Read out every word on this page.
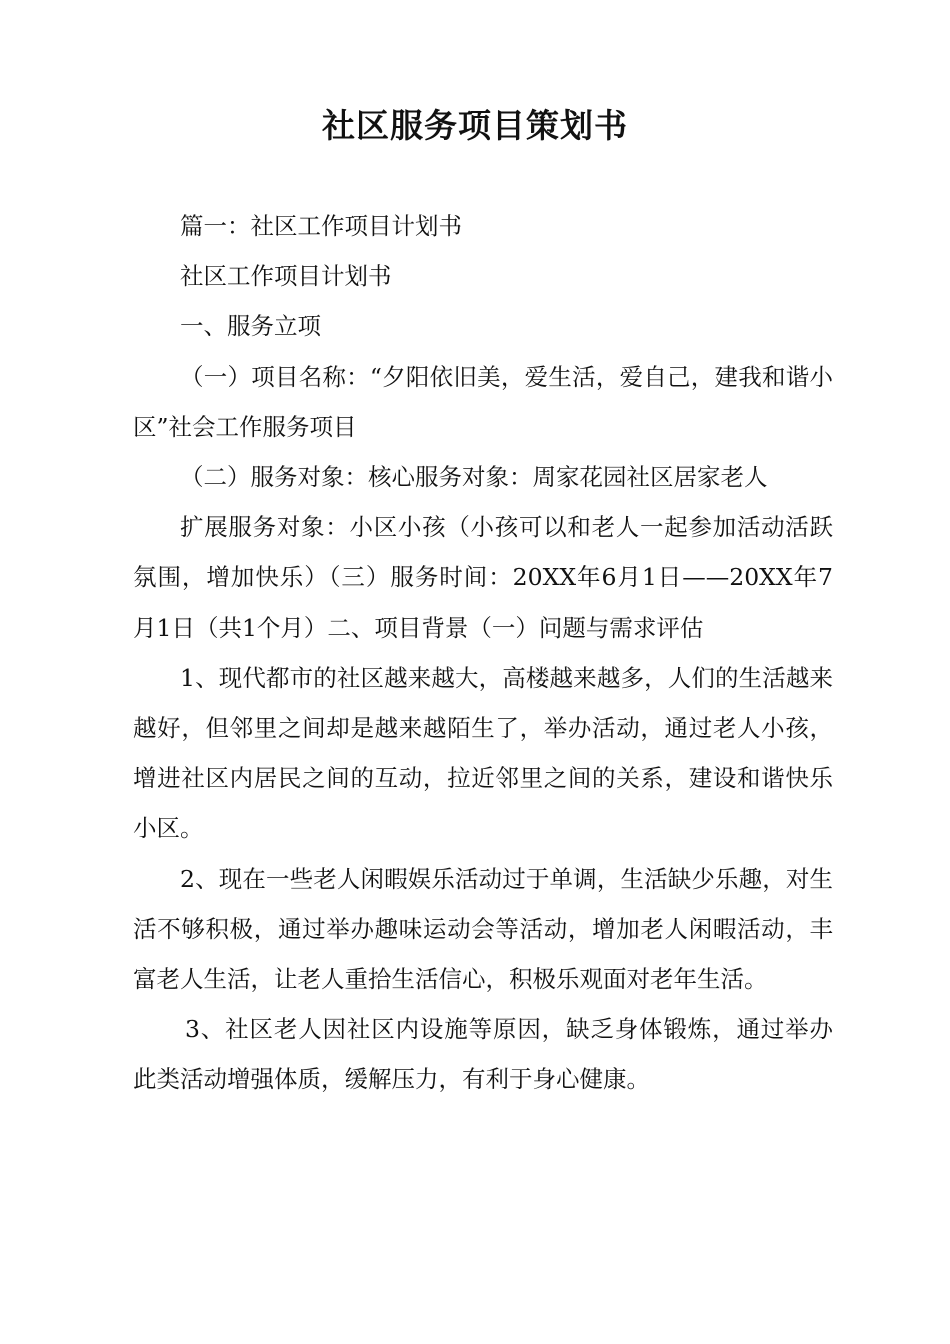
社区服务项目策划书

篇一：社区工作项目计划书

社区工作项目计划书

一、服务立项

（一）项目名称：“夕阳依旧美，爱生活，爱自己，建我和谐小区”社会工作服务项目

（二）服务对象：核心服务对象：周家花园社区居家老人

扩展服务对象：小区小孩（小孩可以和老人一起参加活动活跃氛围，增加快乐）（三）服务时间：20XX年6月1日——20XX年7月1日（共1个月）二、项目背景（一）问题与需求评估

1、现代都市的社区越来越大，高楼越来越多，人们的生活越来越好，但邻里之间却是越来越陌生了，举办活动，通过老人小孩，增进社区内居民之间的互动，拉近邻里之间的关系，建设和谐快乐小区。

2、现在一些老人闲暇娱乐活动过于单调，生活缺少乐趣，对生活不够积极，通过举办趣味运动会等活动，增加老人闲暇活动，丰富老人生活，让老人重拾生活信心，积极乐观面对老年生活。

3、社区老人因社区内设施等原因，缺乏身体锻炼，通过举办此类活动增强体质，缓解压力，有利于身心健康。
